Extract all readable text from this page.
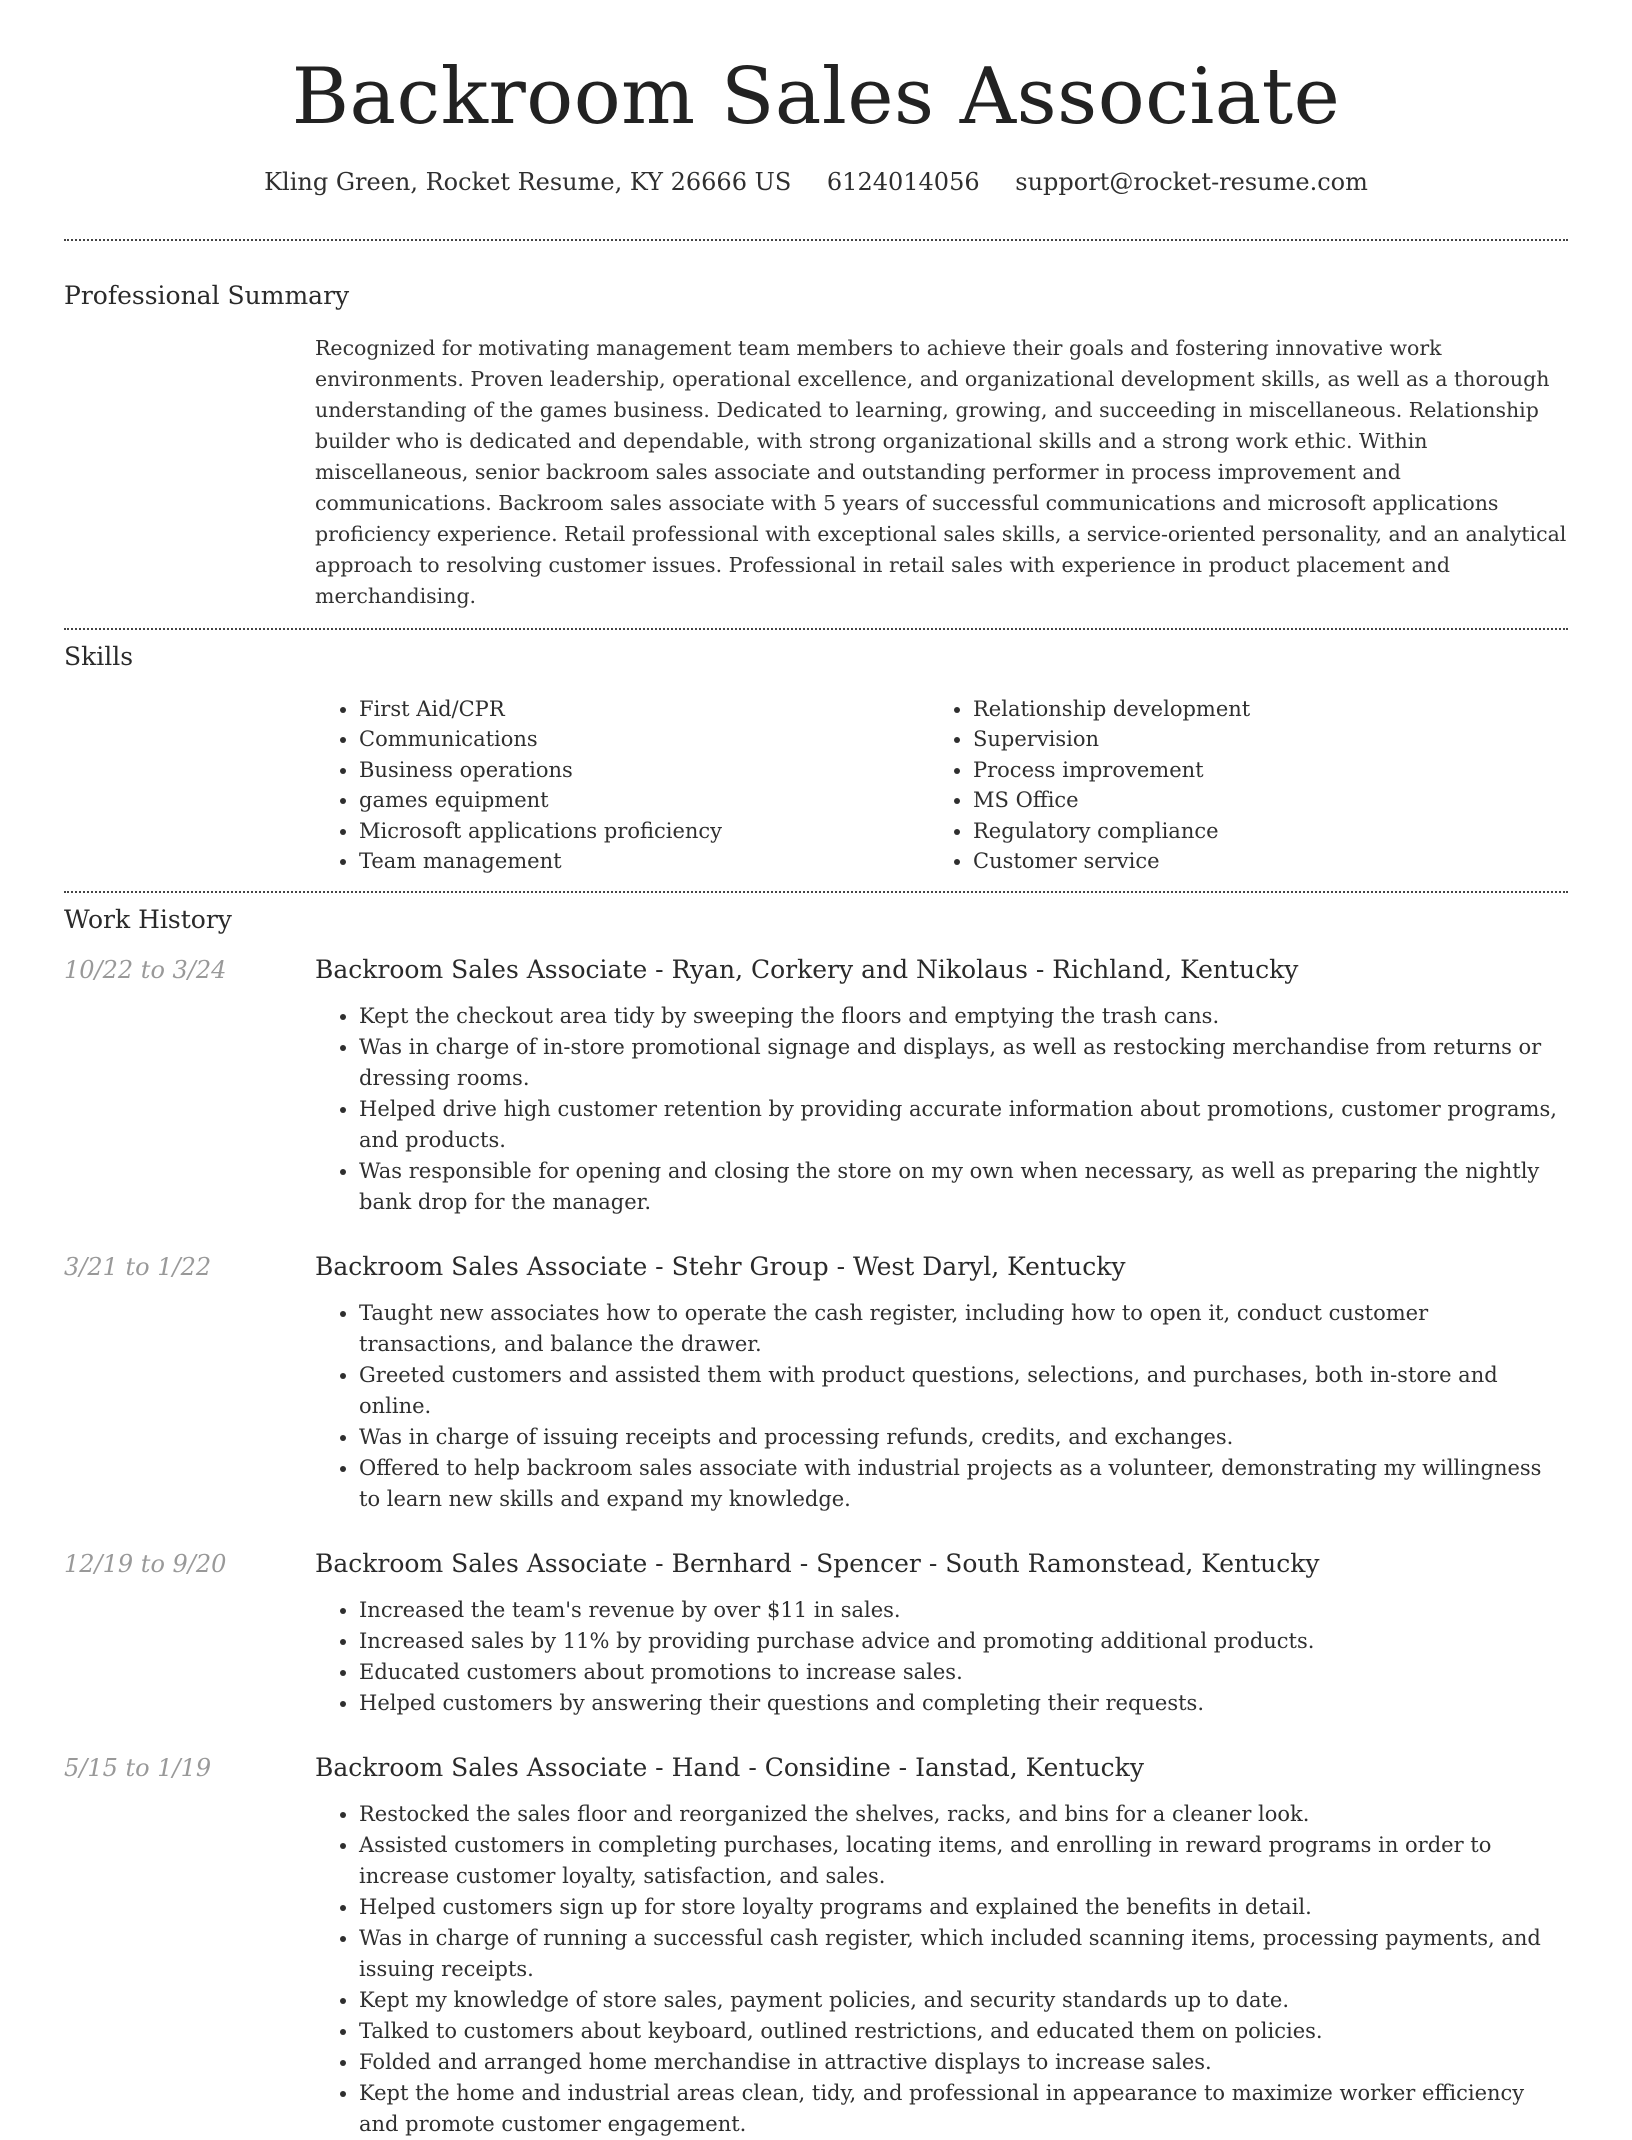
Backroom Sales Associate
Kling Green, Rocket Resume, KY 26666 US 6124014056 support@rocket-resume.com
Professional Summary
Recognized for motivating management team members to achieve their goals and fostering innovative work environments. Proven leadership, operational excellence, and organizational development skills, as well as a thorough understanding of the games business. Dedicated to learning, growing, and succeeding in miscellaneous. Relationship builder who is dedicated and dependable, with strong organizational skills and a strong work ethic. Within miscellaneous, senior backroom sales associate and outstanding performer in process improvement and communications. Backroom sales associate with 5 years of successful communications and microsoft applications proficiency experience. Retail professional with exceptional sales skills, a service-oriented personality, and an analytical approach to resolving customer issues. Professional in retail sales with experience in product placement and merchandising.
Skills
• First Aid/CPR
• Communications
• Business operations
• games equipment
• Microsoft applications proficiency
• Team management
• Relationship development
• Supervision
• Process improvement
• MS Office
• Regulatory compliance
• Customer service
Work History
10/22 to 3/24	Backroom Sales Associate - Ryan, Corkery and Nikolaus - Richland, Kentucky
• Kept the checkout area tidy by sweeping the floors and emptying the trash cans.
• Was in charge of in-store promotional signage and displays, as well as restocking merchandise from returns or dressing rooms.
• Helped drive high customer retention by providing accurate information about promotions, customer programs, and products.
• Was responsible for opening and closing the store on my own when necessary, as well as preparing the nightly bank drop for the manager.
3/21 to 1/22	Backroom Sales Associate - Stehr Group - West Daryl, Kentucky
• Taught new associates how to operate the cash register, including how to open it, conduct customer transactions, and balance the drawer.
• Greeted customers and assisted them with product questions, selections, and purchases, both in-store and online.
• Was in charge of issuing receipts and processing refunds, credits, and exchanges.
• Offered to help backroom sales associate with industrial projects as a volunteer, demonstrating my willingness to learn new skills and expand my knowledge.
12/19 to 9/20	Backroom Sales Associate - Bernhard - Spencer - South Ramonstead, Kentucky
• Increased the team's revenue by over $11 in sales.
• Increased sales by 11% by providing purchase advice and promoting additional products.
• Educated customers about promotions to increase sales.
• Helped customers by answering their questions and completing their requests.
5/15 to 1/19	Backroom Sales Associate - Hand - Considine - Ianstad, Kentucky
• Restocked the sales floor and reorganized the shelves, racks, and bins for a cleaner look.
• Assisted customers in completing purchases, locating items, and enrolling in reward programs in order to increase customer loyalty, satisfaction, and sales.
• Helped customers sign up for store loyalty programs and explained the benefits in detail.
• Was in charge of running a successful cash register, which included scanning items, processing payments, and issuing receipts.
• Kept my knowledge of store sales, payment policies, and security standards up to date.
• Talked to customers about keyboard, outlined restrictions, and educated them on policies.
• Folded and arranged home merchandise in attractive displays to increase sales.
• Kept the home and industrial areas clean, tidy, and professional in appearance to maximize worker efficiency and promote customer engagement.
